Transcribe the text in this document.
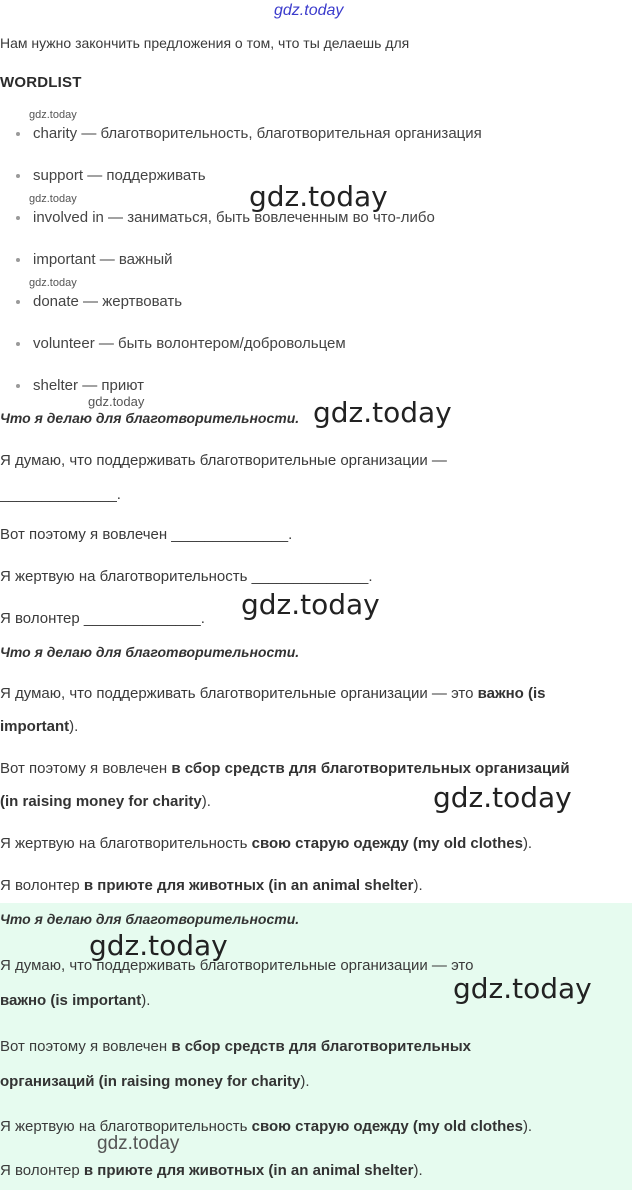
gdz.today
Нам нужно закончить предложения о том, что ты делаешь для
WORDLIST
charity — благотворительность, благотворительная организация
support — поддерживать
involved in — заниматься, быть вовлеченным во что-либо
important — важный
donate — жертвовать
volunteer — быть волонтером/добровольцем
shelter — приют
gdz.today
gdz.today
gdz.today
gdz.today
gdz.today
Что я делаю для благотворительности. gdz.today
Я думаю, что поддерживать благотворительные организации —
______________.
Вот поэтому я вовлечен ______________.
Я жертвую на благотворительность ______________.
Я волонтер ______________. gdz.today
Что я делаю для благотворительности.
Я думаю, что поддерживать благотворительные организации — это важно (is
important).
Вот поэтому я вовлечен в сбор средств для благотворительных организаций
(in raising money for charity).	gdz.today
Я жертвую на благотворительность свою старую одежду (my old clothes).
Я волонтер в приюте для животных (in an animal shelter).
Что я делаю для благотворительности.
gdz.today
Я думаю, что поддерживать благотворительные организации — это
важно (is important).	gdz.today
Вот поэтому я вовлечен в сбор средств для благотворительных
организаций (in raising money for charity).
Я жертвую на благотворительность свою старую одежду (my old clothes).
gdz.today
Я волонтер в приюте для животных (in an animal shelter).
